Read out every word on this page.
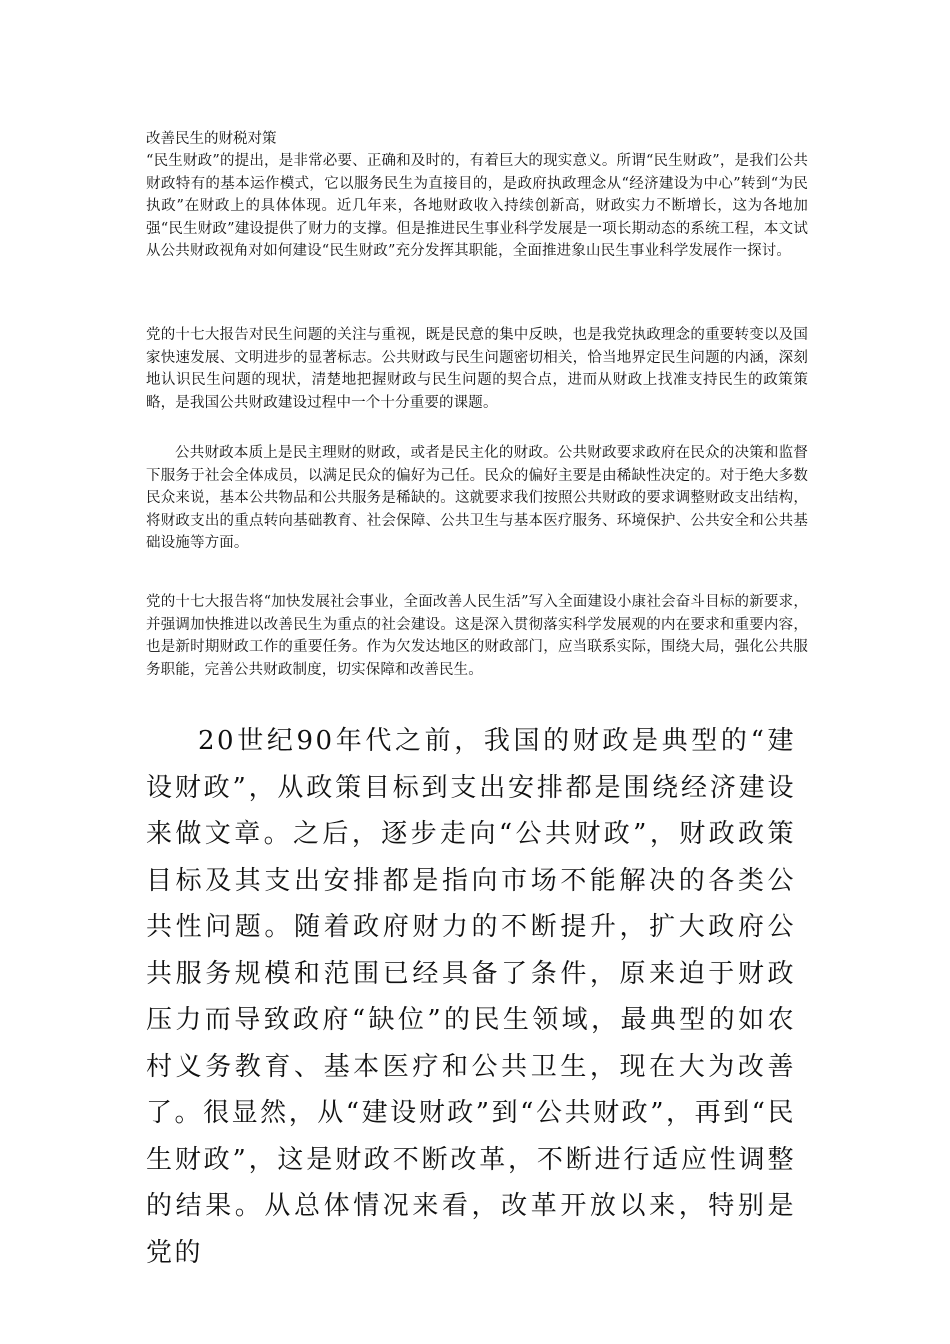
改善民生的财税对策

“民生财政”的提出，是非常必要、正确和及时的，有着巨大的现实意义。所谓“民生财政”，是我们公共财政特有的基本运作模式，它以服务民生为直接目的，是政府执政理念从“经济建设为中心”转到“为民执政”在财政上的具体体现。近几年来，各地财政收入持续创新高，财政实力不断增长，这为各地加强“民生财政”建设提供了财力的支撑。但是推进民生事业科学发展是一项长期动态的系统工程，本文试从公共财政视角对如何建设“民生财政”充分发挥其职能，全面推进象山民生事业科学发展作一探讨。

党的十七大报告对民生问题的关注与重视，既是民意的集中反映，也是我党执政理念的重要转变以及国家快速发展、文明进步的显著标志。公共财政与民生问题密切相关，恰当地界定民生问题的内涵，深刻地认识民生问题的现状，清楚地把握财政与民生问题的契合点，进而从财政上找准支持民生的政策策略，是我国公共财政建设过程中一个十分重要的课题。

公共财政本质上是民主理财的财政，或者是民主化的财政。公共财政要求政府在民众的决策和监督下服务于社会全体成员，以满足民众的偏好为己任。民众的偏好主要是由稀缺性决定的。对于绝大多数民众来说，基本公共物品和公共服务是稀缺的。这就要求我们按照公共财政的要求调整财政支出结构，将财政支出的重点转向基础教育、社会保障、公共卫生与基本医疗服务、环境保护、公共安全和公共基础设施等方面。

党的十七大报告将“加快发展社会事业，全面改善人民生活”写入全面建设小康社会奋斗目标的新要求，并强调加快推进以改善民生为重点的社会建设。这是深入贯彻落实科学发展观的内在要求和重要内容，也是新时期财政工作的重要任务。作为欠发达地区的财政部门，应当联系实际，围绕大局，强化公共服务职能，完善公共财政制度，切实保障和改善民生。

20世纪90年代之前，我国的财政是典型的“建设财政”，从政策目标到支出安排都是围绕经济建设来做文章。之后，逐步走向“公共财政”，财政政策目标及其支出安排都是指向市场不能解决的各类公共性问题。随着政府财力的不断提升，扩大政府公共服务规模和范围已经具备了条件，原来迫于财政压力而导致政府“缺位”的民生领域，最典型的如农村义务教育、基本医疗和公共卫生，现在大为改善了。很显然，从“建设财政”到“公共财政”，再到“民生财政”，这是财政不断改革，不断进行适应性调整的结果。从总体情况来看，改革开放以来，特别是党的
